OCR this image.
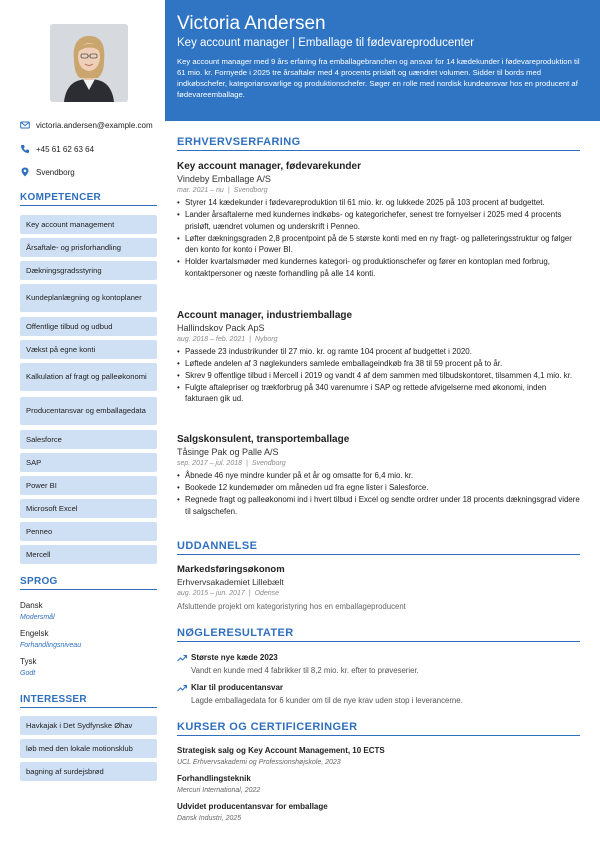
victoria.andersen@example.com
+45 61 62 63 64
Svendborg
KOMPETENCER
Key account management
Årsaftale- og prisforhandling
Dækningsgradsstyring
Kundeplanlægning og kontoplaner
Offentlige tilbud og udbud
Vækst på egne konti
Kalkulation af fragt og palleøkonomi
Producentansvar og emballagedata
Salesforce
SAP
Power BI
Microsoft Excel
Penneo
Mercell
SPROG
Dansk
Modersmål
Engelsk
Forhandlingsniveau
Tysk
Godt
INTERESSER
Havkajak i Det Sydfynske Øhav
løb med den lokale motionsklub
bagning af surdejsbrød
Victoria Andersen
Key account manager | Emballage til fødevareproducenter
Key account manager med 9 års erfaring fra emballagebranchen og ansvar for 14 kædekunder i fødevareproduktion til 61 mio. kr. Fornyede i 2025 tre årsaftaler med 4 procents prisløft og uændret volumen. Sidder til bords med indkøbschefer, kategoriansvarlige og produktionschefer. Søger en rolle med nordisk kundeansvar hos en producent af fødevareemballage.
ERHVERVSERFARING
Key account manager, fødevarekunder
Vindeby Emballage A/S
mar. 2021 – nu | Svendborg
• Styrer 14 kædekunder i fødevareproduktion til 61 mio. kr. og lukkede 2025 på 103 procent af budgettet.
• Lander årsaftalerne med kundernes indkøbs- og kategorichefer, senest tre fornyelser i 2025 med 4 procents prisløft, uændret volumen og underskrift i Penneo.
• Løfter dækningsgraden 2,8 procentpoint på de 5 største konti med en ny fragt- og palleteringsstruktur og følger den konto for konto i Power BI.
• Holder kvartalsmøder med kundernes kategori- og produktionschefer og fører en kontoplan med forbrug, kontaktpersoner og næste forhandling på alle 14 konti.
Account manager, industriemballage
Hallindskov Pack ApS
aug. 2018 – feb. 2021 | Nyborg
• Passede 23 industrikunder til 27 mio. kr. og ramte 104 procent af budgettet i 2020.
• Løftede andelen af 3 nøglekunders samlede emballageindkøb fra 38 til 59 procent på to år.
• Skrev 9 offentlige tilbud i Mercell i 2019 og vandt 4 af dem sammen med tilbudskontoret, tilsammen 4,1 mio. kr.
• Fulgte aftalepriser og trækforbrug på 340 varenumre i SAP og rettede afvigelserne med økonomi, inden fakturaen gik ud.
Salgskonsulent, transportemballage
Tåsinge Pak og Palle A/S
sep. 2017 – jul. 2018 | Svendborg
• Åbnede 46 nye mindre kunder på et år og omsatte for 6,4 mio. kr.
• Bookede 12 kundemøder om måneden ud fra egne lister i Salesforce.
• Regnede fragt og palleøkonomi ind i hvert tilbud i Excel og sendte ordrer under 18 procents dækningsgrad videre til salgschefen.
UDDANNELSE
Markedsføringsøkonom
Erhvervsakademiet Lillebælt
aug. 2015 – jun. 2017 | Odense
Afsluttende projekt om kategoristyring hos en emballageproducent
NØGLERESULTATER
Største nye kæde 2023
Vandt en kunde med 4 fabrikker til 8,2 mio. kr. efter to prøveserier.
Klar til producentansvar
Lagde emballagedata for 6 kunder om til de nye krav uden stop i leverancerne.
KURSER OG CERTIFICERINGER
Strategisk salg og Key Account Management, 10 ECTS
UCL Erhvervsakademi og Professionshøjskole, 2023
Forhandlingsteknik
Mercuri International, 2022
Udvidet producentansvar for emballage
Dansk Industri, 2025
